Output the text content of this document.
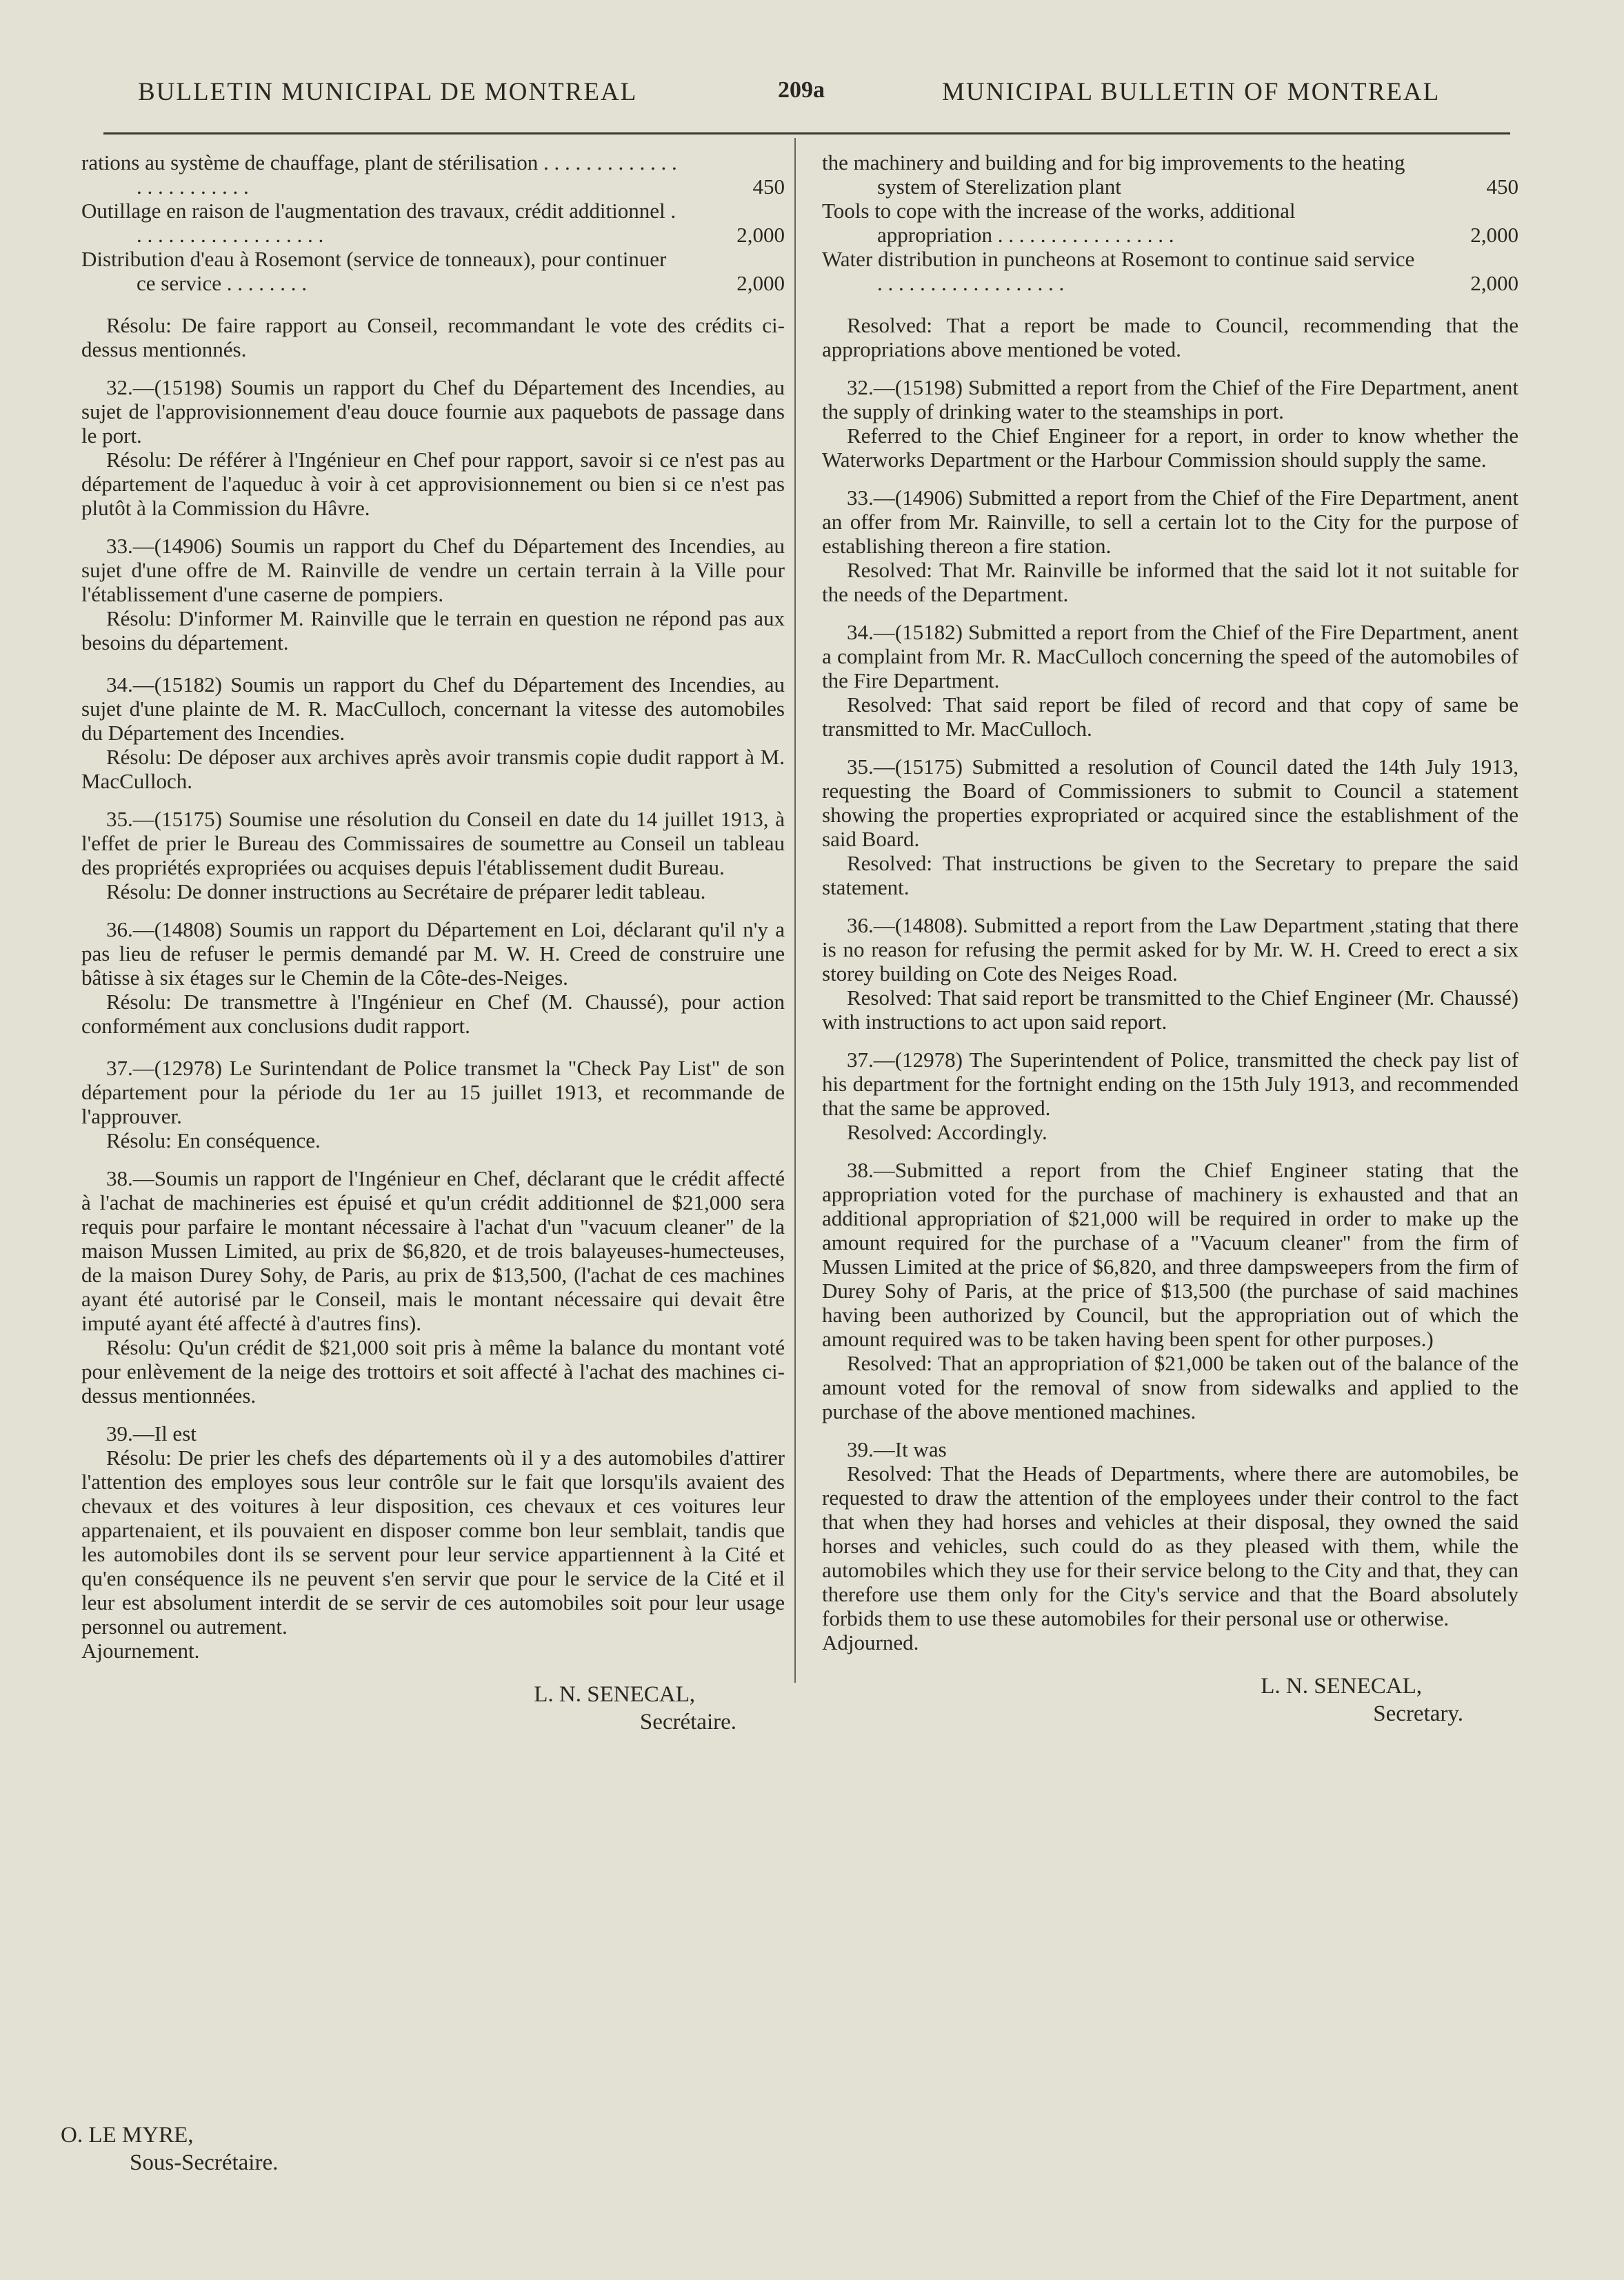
BULLETIN MUNICIPAL DE MONTREAL	209a	MUNICIPAL BULLETIN OF MONTREAL
rations au système de chauffage, plant de stérilisation . . . . . . . . . . . . . . . . . . . . . . . .	450
Outillage en raison de l'augmentation des travaux, crédit additionnel . . . . . . . . . . . . . . . . . . .	2,000
Distribution d'eau à Rosemont (service de tonneaux), pour continuer ce service . . . . . . . .	2,000

Résolu: De faire rapport au Conseil, recommandant le vote des crédits ci-dessus mentionnés.

32.—(15198) Soumis un rapport du Chef du Département des Incendies, au sujet de l'approvisionnement d'eau douce fournie aux paquebots de passage dans le port.

Résolu: De référer à l'Ingénieur en Chef pour rapport, savoir si ce n'est pas au département de l'aqueduc à voir à cet approvisionnement ou bien si ce n'est pas plutôt à la Commission du Hâvre.

33.—(14906) Soumis un rapport du Chef du Département des Incendies, au sujet d'une offre de M. Rainville de vendre un certain terrain à la Ville pour l'établissement d'une caserne de pompiers.

Résolu: D'informer M. Rainville que le terrain en question ne répond pas aux besoins du département.

34.—(15182) Soumis un rapport du Chef du Département des Incendies, au sujet d'une plainte de M. R. MacCulloch, concernant la vitesse des automobiles du Département des Incendies.

Résolu: De déposer aux archives après avoir transmis copie dudit rapport à M. MacCulloch.

35.—(15175) Soumise une résolution du Conseil en date du 14 juillet 1913, à l'effet de prier le Bureau des Commissaires de soumettre au Conseil un tableau des propriétés expropriées ou acquises depuis l'établissement dudit Bureau.

Résolu: De donner instructions au Secrétaire de préparer ledit tableau.

36.—(14808) Soumis un rapport du Département en Loi, déclarant qu'il n'y a pas lieu de refuser le permis demandé par M. W. H. Creed de construire une bâtisse à six étages sur le Chemin de la Côte-des-Neiges.

Résolu: De transmettre à l'Ingénieur en Chef (M. Chaussé), pour action conformément aux conclusions dudit rapport.

37.—(12978) Le Surintendant de Police transmet la "Check Pay List" de son département pour la période du 1er au 15 juillet 1913, et recommande de l'approuver.

Résolu: En conséquence.

38.—Soumis un rapport de l'Ingénieur en Chef, déclarant que le crédit affecté à l'achat de machineries est épuisé et qu'un crédit additionnel de $21,000 sera requis pour parfaire le montant nécessaire à l'achat d'un "vacuum cleaner" de la maison Mussen Limited, au prix de $6,820, et de trois balayeuses-humecteuses, de la maison Durey Sohy, de Paris, au prix de $13,500, (l'achat de ces machines ayant été autorisé par le Conseil, mais le montant nécessaire qui devait être imputé ayant été affecté à d'autres fins).

Résolu: Qu'un crédit de $21,000 soit pris à même la balance du montant voté pour enlèvement de la neige des trottoirs et soit affecté à l'achat des machines ci-dessus mentionnées.

39.—Il est

Résolu: De prier les chefs des départements où il y a des automobiles d'attirer l'attention des employes sous leur contrôle sur le fait que lorsqu'ils avaient des chevaux et des voitures à leur disposition, ces chevaux et ces voitures leur appartenaient, et ils pouvaient en disposer comme bon leur semblait, tandis que les automobiles dont ils se servent pour leur service appartiennent à la Cité et qu'en conséquence ils ne peuvent s'en servir que pour le service de la Cité et il leur est absolument interdit de se servir de ces automobiles soit pour leur usage personnel ou autrement.

Ajournement.

L. N. SENECAL,
Secrétaire.
the machinery and building and for big improvements to the heating system of Sterelization plant	450
Tools to cope with the increase of the works, additional appropriation . . . . . . . . . . . . . . . . .	2,000
Water distribution in puncheons at Rosemont to continue said service . . . . . . . . . . . . . . . . . .	2,000

Resolved: That a report be made to Council, recommending that the appropriations above mentioned be voted.

32.—(15198) Submitted a report from the Chief of the Fire Department, anent the supply of drinking water to the steamships in port.

Referred to the Chief Engineer for a report, in order to know whether the Waterworks Department or the Harbour Commission should supply the same.

33.—(14906) Submitted a report from the Chief of the Fire Department, anent an offer from Mr. Rainville, to sell a certain lot to the City for the purpose of establishing thereon a fire station.

Resolved: That Mr. Rainville be informed that the said lot it not suitable for the needs of the Department.

34.—(15182) Submitted a report from the Chief of the Fire Department, anent a complaint from Mr. R. MacCulloch concerning the speed of the automobiles of the Fire Department.

Resolved: That said report be filed of record and that copy of same be transmitted to Mr. MacCulloch.

35.—(15175) Submitted a resolution of Council dated the 14th July 1913, requesting the Board of Commissioners to submit to Council a statement showing the properties expropriated or acquired since the establishment of the said Board.

Resolved: That instructions be given to the Secretary to prepare the said statement.

36.—(14808). Submitted a report from the Law Department ,stating that there is no reason for refusing the permit asked for by Mr. W. H. Creed to erect a six storey building on Cote des Neiges Road.

Resolved: That said report be transmitted to the Chief Engineer (Mr. Chaussé) with instructions to act upon said report.

37.—(12978) The Superintendent of Police, transmitted the check pay list of his department for the fortnight ending on the 15th July 1913, and recommended that the same be approved.

Resolved: Accordingly.

38.—Submitted a report from the Chief Engineer stating that the appropriation voted for the purchase of machinery is exhausted and that an additional appropriation of $21,000 will be required in order to make up the amount required for the purchase of a "Vacuum cleaner" from the firm of Mussen Limited at the price of $6,820, and three dampsweepers from the firm of Durey Sohy of Paris, at the price of $13,500 (the purchase of said machines having been authorized by Council, but the appropriation out of which the amount required was to be taken having been spent for other purposes.)

Resolved: That an appropriation of $21,000 be taken out of the balance of the amount voted for the removal of snow from sidewalks and applied to the purchase of the above mentioned machines.

39.—It was

Resolved: That the Heads of Departments, where there are automobiles, be requested to draw the attention of the employees under their control to the fact that when they had horses and vehicles at their disposal, they owned the said horses and vehicles, such could do as they pleased with them, while the automobiles which they use for their service belong to the City and that, they can therefore use them only for the City's service and that the Board absolutely forbids them to use these automobiles for their personal use or otherwise.

Adjourned.

L. N. SENECAL,
Secretary.
O. LE MYRE,
Sous-Secrétaire.
